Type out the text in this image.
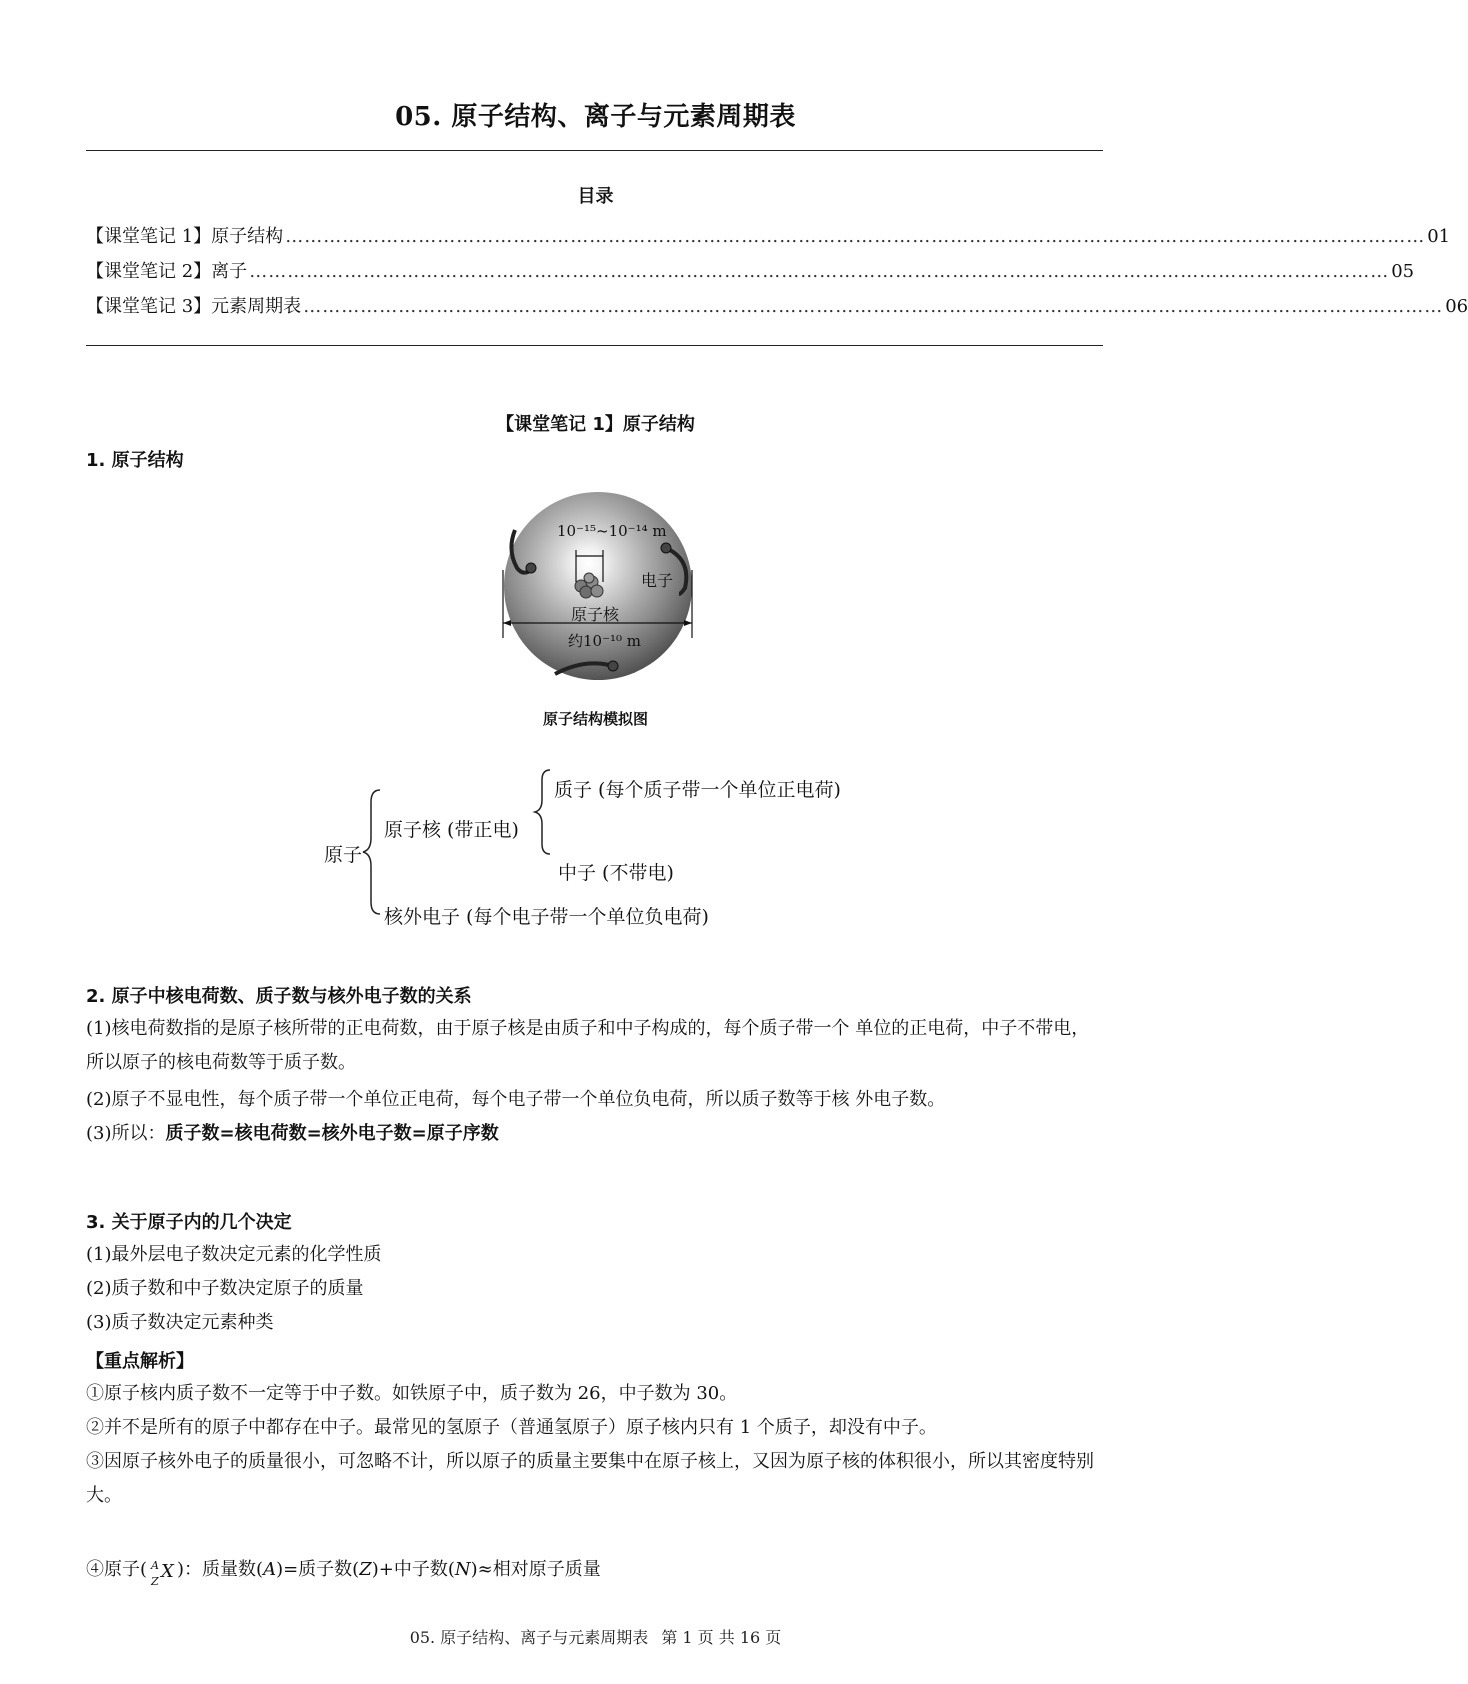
05. 原子结构、离子与元素周期表
目录
【课堂笔记 1】原子结构 ……………………………………………………………………………………………………………………………………………………………… 01
【课堂笔记 2】离子 ……………………………………………………………………………………………………………………………………………………………… 05
【课堂笔记 3】元素周期表 ……………………………………………………………………………………………………………………………………………………………… 06
【课堂笔记 1】原子结构
1. 原子结构
10⁻¹⁵~10⁻¹⁴ m
电子
原子核
约10⁻¹⁰ m
原子结构模拟图
原子
原子核 (带正电)
质子 (每个质子带一个单位正电荷)
中子 (不带电)
核外电子 (每个电子带一个单位负电荷)
2. 原子中核电荷数、质子数与核外电子数的关系
(1)核电荷数指的是原子核所带的正电荷数，由于原子核是由质子和中子构成的，每个质子带一个 单位的正电荷，中子不带电，所以原子的核电荷数等于质子数。
(2)原子不显电性，每个质子带一个单位正电荷，每个电子带一个单位负电荷，所以质子数等于核 外电子数。
(3)所以：质子数=核电荷数=核外电子数=原子序数
3. 关于原子内的几个决定
(1)最外层电子数决定元素的化学性质
(2)质子数和中子数决定原子的质量
(3)质子数决定元素种类
【重点解析】
①原子核内质子数不一定等于中子数。如铁原子中，质子数为 26，中子数为 30。
②并不是所有的原子中都存在中子。最常见的氢原子（普通氢原子）原子核内只有 1 个质子，却没有中子。
③因原子核外电子的质量很小，可忽略不计，所以原子的质量主要集中在原子核上，又因为原子核的体积很小，所以其密度特别大。
④原子( A
Z X )：质量数(A)=质子数(Z)+中子数(N)≈相对原子质量
05. 原子结构、离子与元素周期表 第 1 页 共 16 页
